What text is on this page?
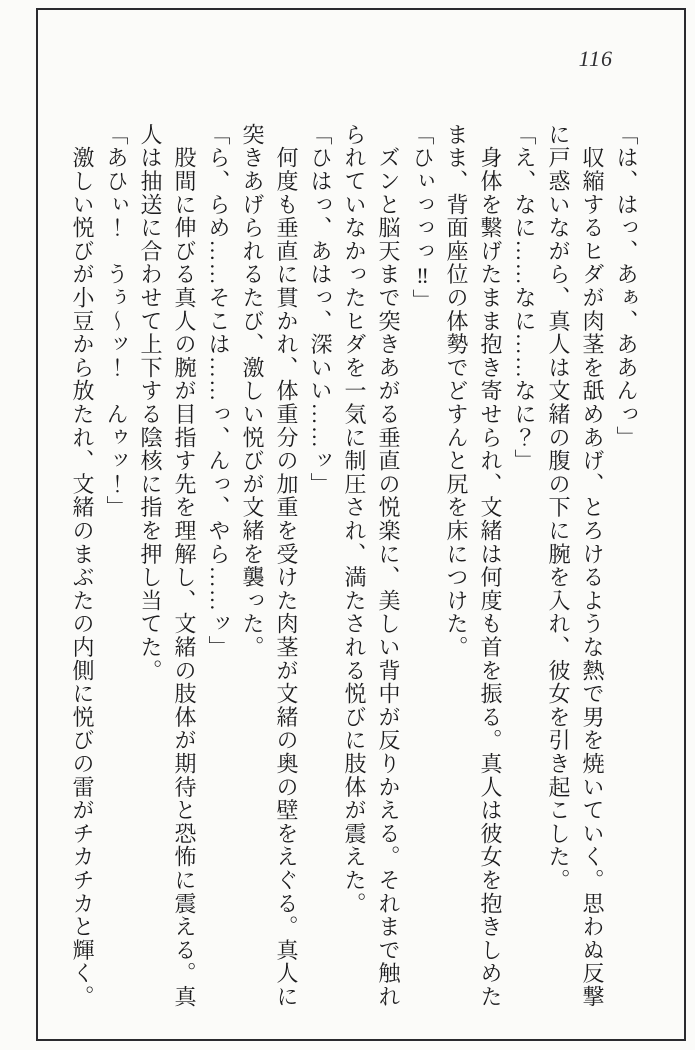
116
「は、はっ、あぁ、ああんっ」
　収縮するヒダが肉茎を舐めあげ、とろけるような熱で男を焼いていく。思わぬ反撃
に戸惑いながら、真人は文緒の腹の下に腕を入れ、彼女を引き起こした。
「え、なに……なに……なに？」
　身体を繋げたまま抱き寄せられ、文緒は何度も首を振る。真人は彼女を抱きしめた
まま、背面座位の体勢でどすんと尻を床につけた。
「ひぃっっっ‼」
　ズンと脳天まで突きあがる垂直の悦楽に、美しい背中が反りかえる。それまで触れ
られていなかったヒダを一気に制圧され、満たされる悦びに肢体が震えた。
「ひはっ、あはっ、深いい……ッ」
　何度も垂直に貫かれ、体重分の加重を受けた肉茎が文緒の奥の壁をえぐる。真人に
突きあげられるたび、激しい悦びが文緒を襲った。
「ら、らめ……そこは……っ、んっ、やら……ッ」
　股間に伸びる真人の腕が目指す先を理解し、文緒の肢体が期待と恐怖に震える。真
人は抽送に合わせて上下する陰核に指を押し当てた。
「あひぃ！　うぅ～ッ！　んゥッ！」
　激しい悦びが小豆から放たれ、文緒のまぶたの内側に悦びの雷がチカチカと輝く。
